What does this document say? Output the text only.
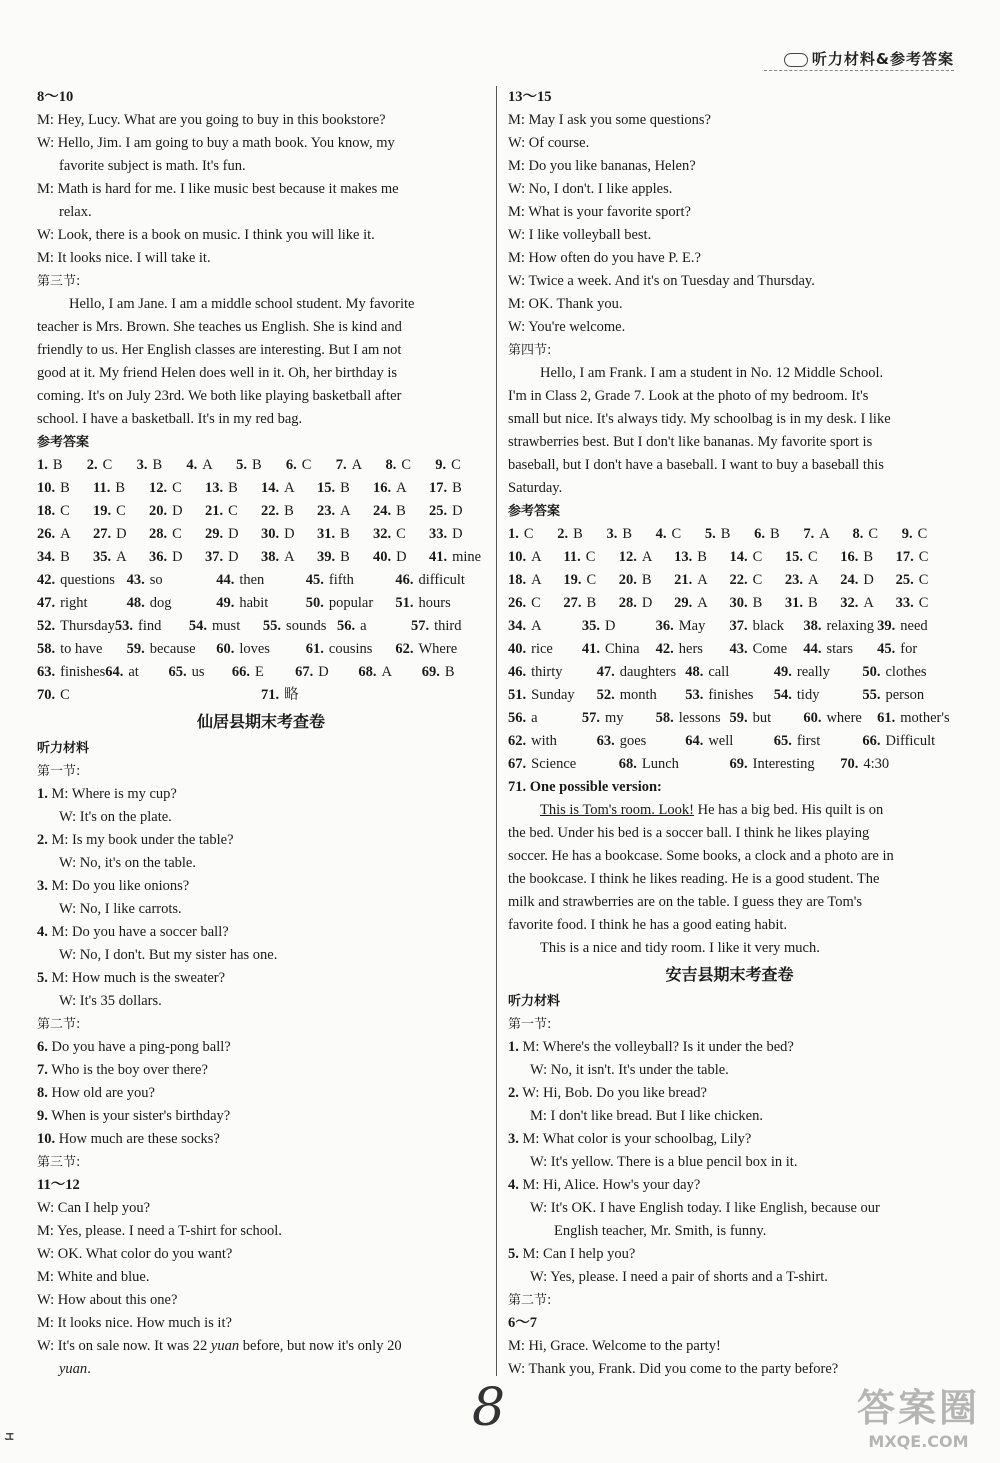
听力材料&参考答案
8～10
M: Hey, Lucy. What are you going to buy in this bookstore?
W: Hello, Jim. I am going to buy a math book. You know, my
favorite subject is math. It's fun.
M: Math is hard for me. I like music best because it makes me
relax.
W: Look, there is a book on music. I think you will like it.
M: It looks nice. I will take it.
第三节:
Hello, I am Jane. I am a middle school student. My favorite
teacher is Mrs. Brown. She teaches us English. She is kind and
friendly to us. Her English classes are interesting. But I am not
good at it. My friend Helen does well in it. Oh, her birthday is
coming. It's on July 23rd. We both like playing basketball after
school. I have a basketball. It's in my red bag.
参考答案
1. B	2. C	3. B	4. A	5. B	6. C	7. A	8. C	9. C
10. B	11. B	12. C	13. B	14. A	15. B	16. A	17. B
18. C	19. C	20. D	21. C	22. B	23. A	24. B	25. D
26. A	27. D	28. C	29. D	30. D	31. B	32. C	33. D
34. B	35. A	36. D	37. D	38. A	39. B	40. D	41. mine
42. questions 43. so	44. then	45. fifth	46. difficult
47. right	48. dog	49. habit	50. popular	51. hours
52. Thursday 53. find	54. must	55. sounds 56. a	57. third
58. to have	59. because	60. loves	61. cousins	62. Where
63. finishes 64. at	65. us	66. E	67. D	68. A	69. B
70. C	71. 略
仙居县期末考查卷
听力材料
第一节:
1. M: Where is my cup?
W: It's on the plate.
2. M: Is my book under the table?
W: No, it's on the table.
3. M: Do you like onions?
W: No, I like carrots.
4. M: Do you have a soccer ball?
W: No, I don't. But my sister has one.
5. M: How much is the sweater?
W: It's 35 dollars.
第二节:
6. Do you have a ping-pong ball?
7. Who is the boy over there?
8. How old are you?
9. When is your sister's birthday?
10. How much are these socks?
第三节:
11～12
W: Can I help you?
M: Yes, please. I need a T-shirt for school.
W: OK. What color do you want?
M: White and blue.
W: How about this one?
M: It looks nice. How much is it?
W: It's on sale now. It was 22 yuan before, but now it's only 20
yuan.
13～15
M: May I ask you some questions?
W: Of course.
M: Do you like bananas, Helen?
W: No, I don't. I like apples.
M: What is your favorite sport?
W: I like volleyball best.
M: How often do you have P. E.?
W: Twice a week. And it's on Tuesday and Thursday.
M: OK. Thank you.
W: You're welcome.
第四节:
Hello, I am Frank. I am a student in No. 12 Middle School.
I'm in Class 2, Grade 7. Look at the photo of my bedroom. It's
small but nice. It's always tidy. My schoolbag is in my desk. I like
strawberries best. But I don't like bananas. My favorite sport is
baseball, but I don't have a baseball. I want to buy a baseball this
Saturday.
参考答案
1. C	2. B	3. B	4. C	5. B	6. B	7. A	8. C	9. C
10. A	11. C	12. A	13. B	14. C	15. C	16. B	17. C
18. A	19. C	20. B	21. A	22. C	23. A	24. D	25. C
26. C	27. B	28. D	29. A	30. B	31. B	32. A	33. C
34. A	35. D	36. May	37. black	38. relaxing 39. need
40. rice	41. China	42. hers	43. Come	44. stars	45. for
46. thirty	47. daughters 48. call	49. really	50. clothes
51. Sunday	52. month	53. finishes	54. tidy	55. person
56. a	57. my	58. lessons 59. but	60. where	61. mother's
62. with	63. goes	64. well	65. first	66. Difficult
67. Science	68. Lunch	69. Interesting	70. 4:30
71. One possible version:
This is Tom's room. Look! He has a big bed. His quilt is on
the bed. Under his bed is a soccer ball. I think he likes playing
soccer. He has a bookcase. Some books, a clock and a photo are in
the bookcase. I think he likes reading. He is a good student. The
milk and strawberries are on the table. I guess they are Tom's
favorite food. I think he has a good eating habit.
This is a nice and tidy room. I like it very much.
安吉县期末考查卷
听力材料
第一节:
1. M: Where's the volleyball? Is it under the bed?
W: No, it isn't. It's under the table.
2. W: Hi, Bob. Do you like bread?
M: I don't like bread. But I like chicken.
3. M: What color is your schoolbag, Lily?
W: It's yellow. There is a blue pencil box in it.
4. M: Hi, Alice. How's your day?
W: It's OK. I have English today. I like English, because our
English teacher, Mr. Smith, is funny.
5. M: Can I help you?
W: Yes, please. I need a pair of shorts and a T-shirt.
第二节:
6～7
M: Hi, Grace. Welcome to the party!
W: Thank you, Frank. Did you come to the party before?
8
ܫ
答案圈
MXQE.COM
